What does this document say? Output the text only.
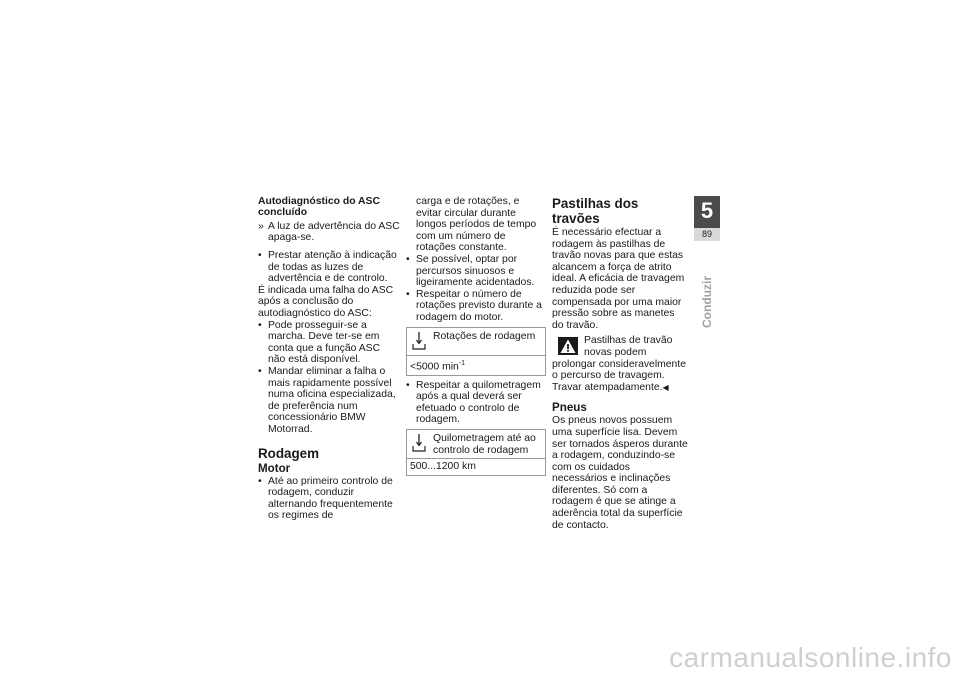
Autodiagnóstico do ASC concluído

» A luz de advertência do ASC apaga-se.
• Prestar atenção à indicação de todas as luzes de advertência e de controlo.

É indicada uma falha do ASC após a conclusão do autodiagnóstico do ASC:

• Pode prosseguir-se a marcha. Deve ter-se em conta que a função ASC não está disponível.
• Mandar eliminar a falha o mais rapidamente possível numa oficina especializada, de preferência num concessionário BMW Motorrad.

Rodagem

Motor

• Até ao primeiro controlo de rodagem, conduzir alternando frequentemente os regimes de

carga e de rotações, e evitar circular durante longos períodos de tempo com um número de rotações constante.

• Se possível, optar por percursos sinuosos e ligeiramente acidentados.
• Respeitar o número de rotações previsto durante a rodagem do motor.
Rotações de rodagem
<5000 $\min^{-1}$
• Respeitar a quilometragem após a qual deverá ser efetuado o controlo de rodagem.
Quilometragem até ao controlo de rodagem
500...1200 km

Pastilhas dos travões

É necessário efectuar a rodagem às pastilhas de travão novas para que estas alcancem a força de atrito ideal. A eficácia de travagem reduzida pode ser compensada por uma maior pressão sobre as manetes do travão.

Pastilhas de travão novas podem prolongar consideravelmente o percurso de travagem.

Travar atempadamente.◀

Pneus

Os pneus novos possuem uma superfície lisa. Devem ser tornados ásperos durante a rodagem, conduzindo-se com os cuidados necessários e inclinações diferentes. Só com a rodagem é que se atinge a aderência total da superfície de contacto.

5
89
Conduzir
carmanualsonline.info
